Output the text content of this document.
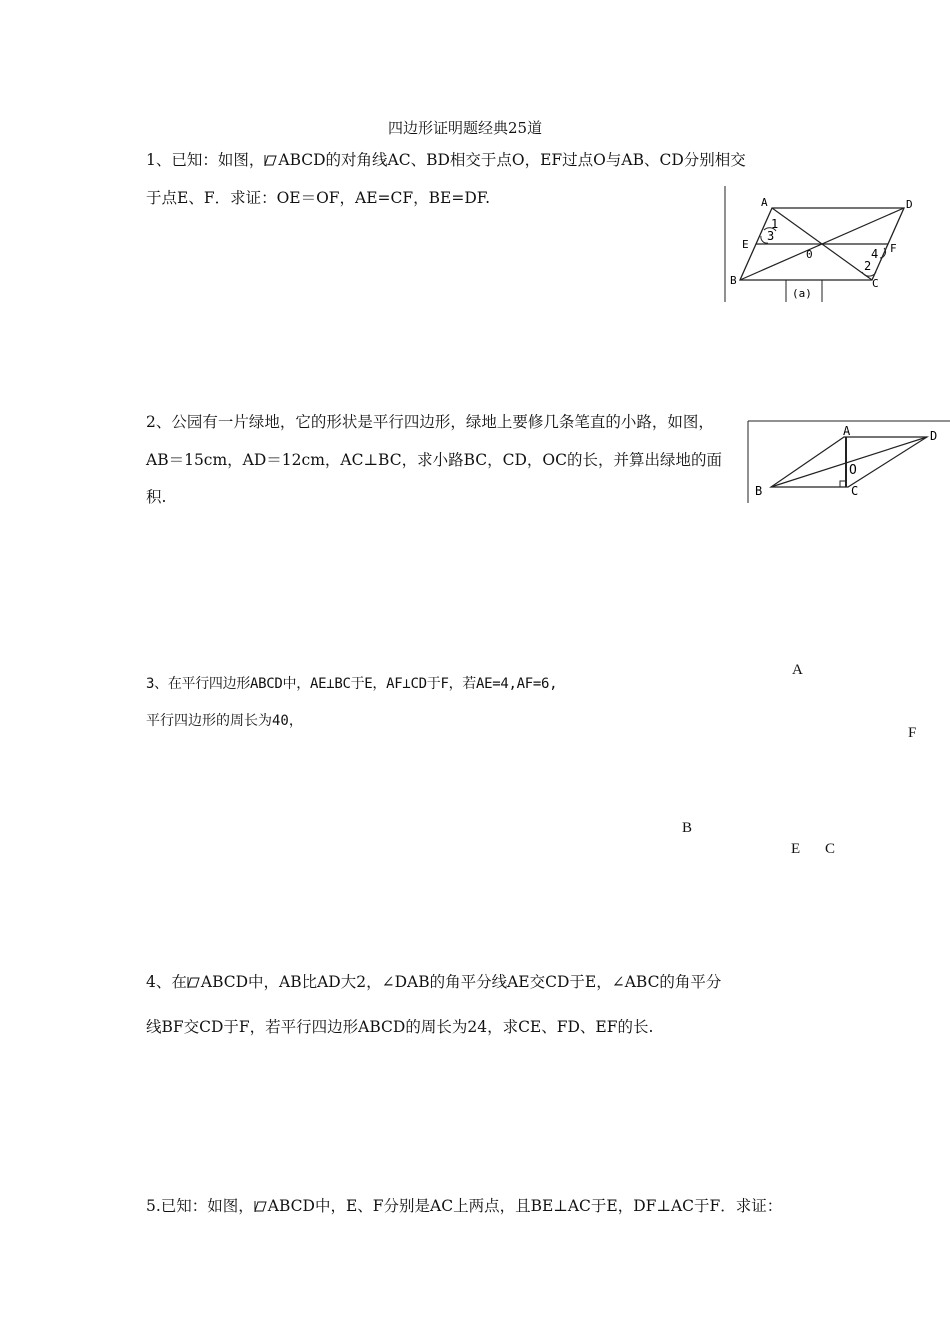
四边形证明题经典25道
1、已知：如图， ABCD的对角线AC、BD相交于点O，EF过点O与AB、CD分别相交
于点E、F．求证：OE＝OF，AE=CF，BE=DF.	A	D
E	F
B	C
0
1
2
3
4
(a)
2、公园有一片绿地，它的形状是平行四边形，绿地上要修几条笔直的小路，如图，
AB＝15cm，AD＝12cm，AC⊥BC，求小路BC，CD，OC的长，并算出绿地的面
积.
A	D
B	C
O
3、在平行四边形ABCD中，AE⊥BC于E，AF⊥CD于F，若AE=4,AF=6,
平行四边形的周长为40，
A
F
B
E C
4、在 ABCD中，AB比AD大2，∠DAB的角平分线AE交CD于E，∠ABC的角平分
线BF交CD于F，若平行四边形ABCD的周长为24，求CE、FD、EF的长.
5.已知：如图， ABCD中，E、F分别是AC上两点，且BE⊥AC于E，DF⊥AC于F．求证：
